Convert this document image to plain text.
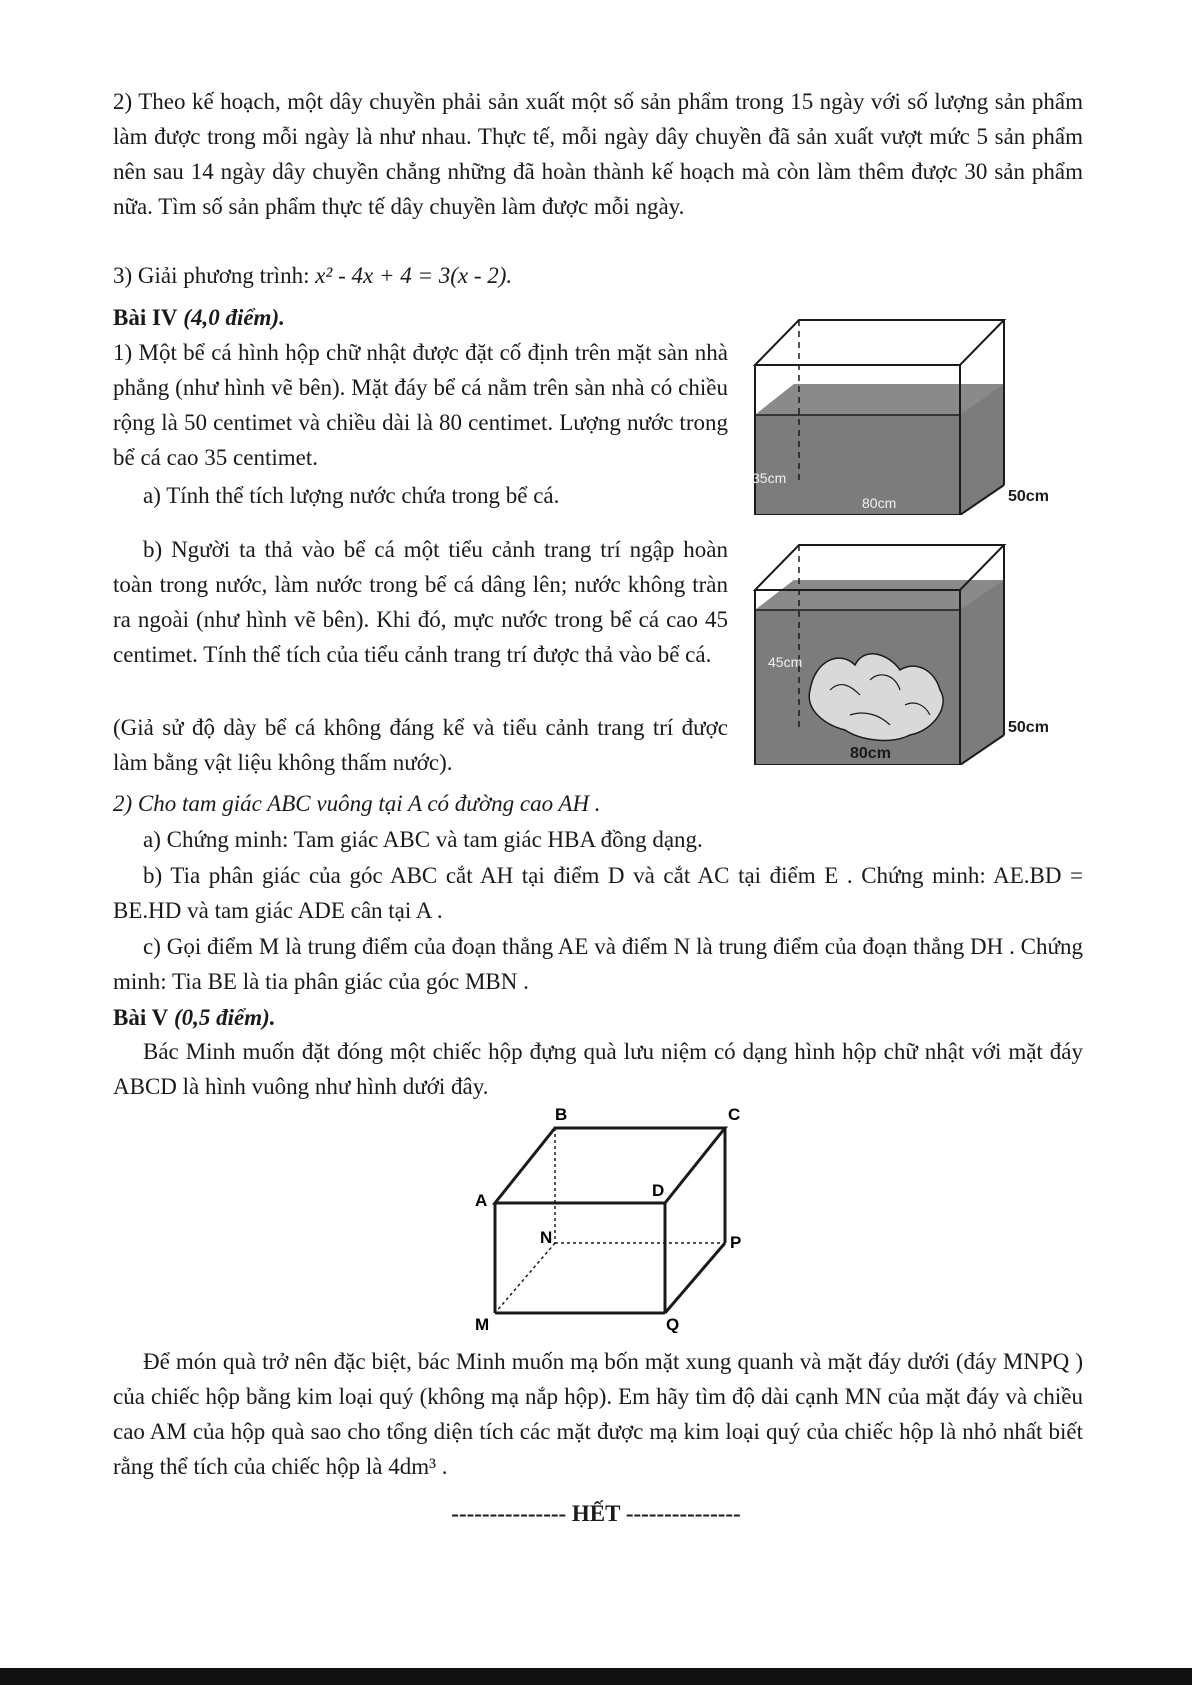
2) Theo kế hoạch, một dây chuyền phải sản xuất một số sản phẩm trong 15 ngày với số lượng sản phẩm làm được trong mỗi ngày là như nhau. Thực tế, mỗi ngày dây chuyền đã sản xuất vượt mức 5 sản phẩm nên sau 14 ngày dây chuyền chẳng những đã hoàn thành kế hoạch mà còn làm thêm được 30 sản phẩm nữa. Tìm số sản phẩm thực tế dây chuyền làm được mỗi ngày.

3) Giải phương trình: x² - 4x + 4 = 3(x - 2).

Bài IV (4,0 điểm).

1) Một bể cá hình hộp chữ nhật được đặt cố định trên mặt sàn nhà phẳng (như hình vẽ bên). Mặt đáy bể cá nằm trên sàn nhà có chiều rộng là 50 centimet và chiều dài là 80 centimet. Lượng nước trong bể cá cao 35 centimet.

a) Tính thể tích lượng nước chứa trong bể cá.

b) Người ta thả vào bể cá một tiểu cảnh trang trí ngập hoàn toàn trong nước, làm nước trong bể cá dâng lên; nước không tràn ra ngoài (như hình vẽ bên). Khi đó, mực nước trong bể cá cao 45 centimet. Tính thể tích của tiểu cảnh trang trí được thả vào bể cá.

(Giả sử độ dày bể cá không đáng kể và tiểu cảnh trang trí được làm bằng vật liệu không thấm nước).

35cm
80cm	50cm
45cm
50cm
80cm

2) Cho tam giác ABC vuông tại A có đường cao AH .

a) Chứng minh: Tam giác ABC và tam giác HBA đồng dạng.

b) Tia phân giác của góc ABC cắt AH tại điểm D và cắt AC tại điểm E . Chứng minh: AE.BD = BE.HD và tam giác ADE cân tại A .

c) Gọi điểm M là trung điểm của đoạn thẳng AE và điểm N là trung điểm của đoạn thẳng DH . Chứng minh: Tia BE là tia phân giác của góc MBN .

Bài V (0,5 điểm).

Bác Minh muốn đặt đóng một chiếc hộp đựng quà lưu niệm có dạng hình hộp chữ nhật với mặt đáy ABCD là hình vuông như hình dưới đây.

B	C
A
D
N	P
M	Q

Để món quà trở nên đặc biệt, bác Minh muốn mạ bốn mặt xung quanh và mặt đáy dưới (đáy MNPQ ) của chiếc hộp bằng kim loại quý (không mạ nắp hộp). Em hãy tìm độ dài cạnh MN của mặt đáy và chiều cao AM của hộp quà sao cho tổng diện tích các mặt được mạ kim loại quý của chiếc hộp là nhỏ nhất biết rằng thể tích của chiếc hộp là 4dm³ .

--------------- HẾT ---------------
